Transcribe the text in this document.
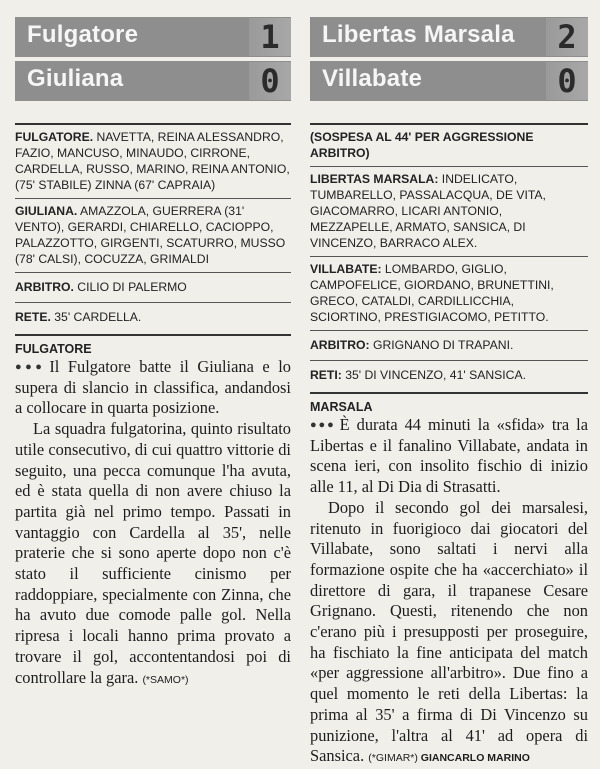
Fulgatore	1
Giuliana	0
FULGATORE. NAVETTA, REINA ALESSANDRO, FAZIO, MANCUSO, MINAUDO, CIRRONE, CARDELLA, RUSSO, MARINO, REINA ANTONIO, (75' STABILE) ZINNA (67' CAPRAIA)
GIULIANA. AMAZZOLA, GUERRERA (31' VENTO), GERARDI, CHIARELLO, CACIOPPO, PALAZZOTTO, GIRGENTI, SCATURRO, MUSSO (78' CALSI), COCUZZA, GRIMALDI
ARBITRO. CILIO DI PALERMO
RETE. 35' CARDELLA.
FULGATORE

●●● Il Fulgatore batte il Giuliana e lo supera di slancio in classifica, andandosi a collocare in quarta posizione.

La squadra fulgatorina, quinto risultato utile consecutivo, di cui quattro vittorie di seguito, una pecca comunque l'ha avuta, ed è stata quella di non avere chiuso la partita già nel primo tempo. Passati in vantaggio con Cardella al 35', nelle praterie che si sono aperte dopo non c'è stato il sufficiente cinismo per raddoppiare, specialmente con Zinna, che ha avuto due comode palle gol. Nella ripresa i locali hanno prima provato a trovare il gol, accontentandosi poi di controllare la gara. (*SAMO*)

Libertas Marsala	2
Villabate	0
(SOSPESA AL 44' PER AGGRESSIONE ARBITRO)
LIBERTAS MARSALA: INDELICATO, TUMBARELLO, PASSALACQUA, DE VITA, GIACOMARRO, LICARI ANTONIO, MEZZAPELLE, ARMATO, SANSICA, DI VINCENZO, BARRACO ALEX.
VILLABATE: LOMBARDO, GIGLIO, CAMPOFELICE, GIORDANO, BRUNETTINI, GRECO, CATALDI, CARDILLICCHIA, SCIORTINO, PRESTIGIACOMO, PETITTO.
ARBITRO: GRIGNANO DI TRAPANI.
RETI: 35' DI VINCENZO, 41' SANSICA.
MARSALA

●●● È durata 44 minuti la «sfida» tra la Libertas e il fanalino Villabate, andata in scena ieri, con insolito fischio di inizio alle 11, al Di Dia di Strasatti.

Dopo il secondo gol dei marsalesi, ritenuto in fuorigioco dai giocatori del Villabate, sono saltati i nervi alla formazione ospite che ha «accerchiato» il direttore di gara, il trapanese Cesare Grignano. Questi, ritenendo che non c'erano più i presupposti per proseguire, ha fischiato la fine anticipata del match «per aggressione all'arbitro». Due fino a quel momento le reti della Libertas: la prima al 35' a firma di Di Vincenzo su punizione, l'altra al 41' ad opera di Sansica. (*GIMAR*) GIANCARLO MARINO
